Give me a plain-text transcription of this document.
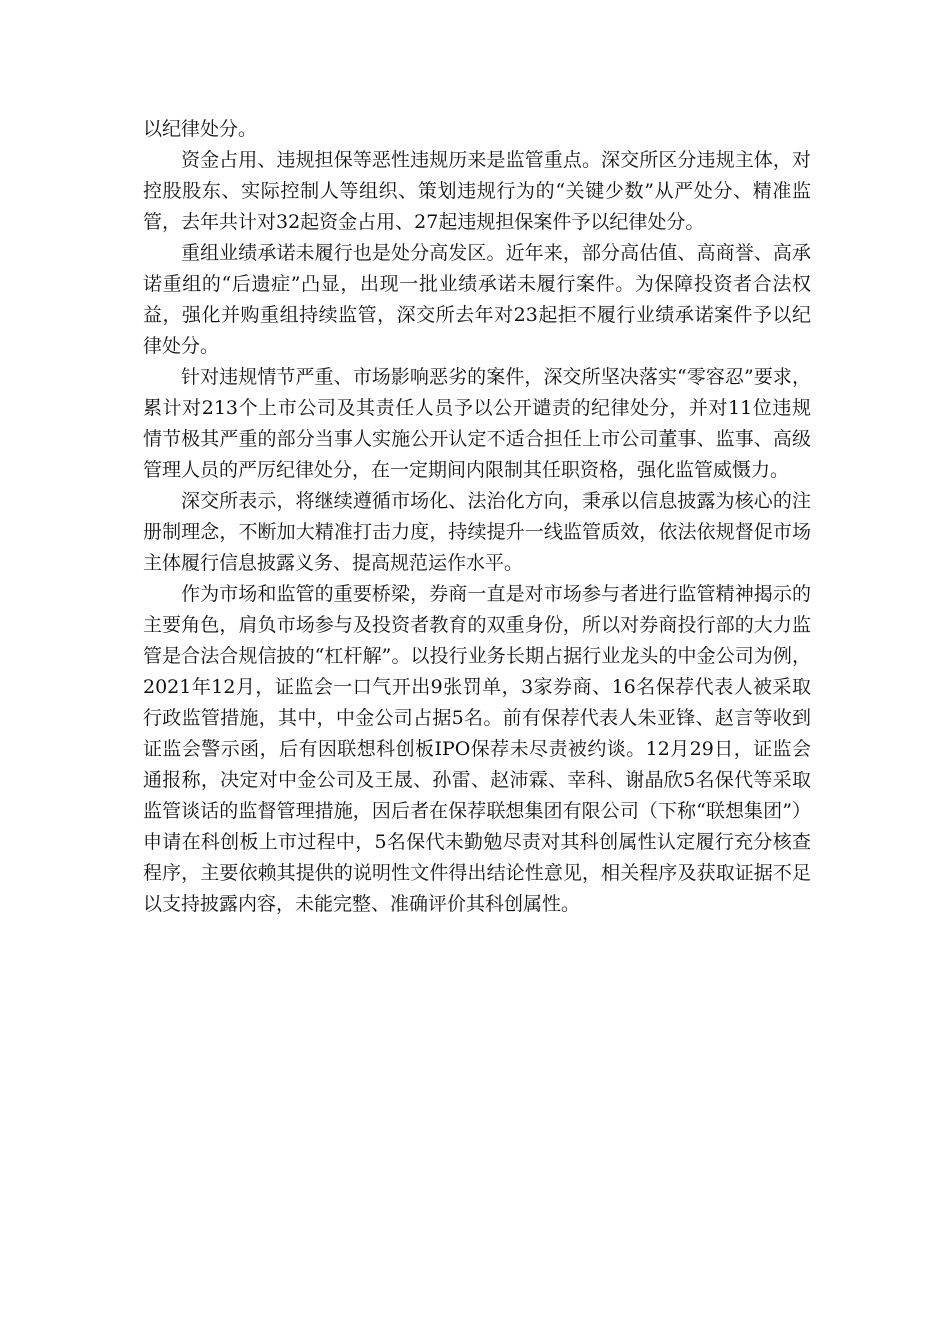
以纪律处分。

资金占用、违规担保等恶性违规历来是监管重点。深交所区分违规主体，对控股股东、实际控制人等组织、策划违规行为的“关键少数”从严处分、精准监管，去年共计对32起资金占用、27起违规担保案件予以纪律处分。

重组业绩承诺未履行也是处分高发区。近年来，部分高估值、高商誉、高承诺重组的“后遗症”凸显，出现一批业绩承诺未履行案件。为保障投资者合法权益，强化并购重组持续监管，深交所去年对23起拒不履行业绩承诺案件予以纪律处分。

针对违规情节严重、市场影响恶劣的案件，深交所坚决落实“零容忍”要求，累计对213个上市公司及其责任人员予以公开谴责的纪律处分，并对11位违规情节极其严重的部分当事人实施公开认定不适合担任上市公司董事、监事、高级管理人员的严厉纪律处分，在一定期间内限制其任职资格，强化监管威慑力。

深交所表示，将继续遵循市场化、法治化方向，秉承以信息披露为核心的注册制理念，不断加大精准打击力度，持续提升一线监管质效，依法依规督促市场主体履行信息披露义务、提高规范运作水平。

作为市场和监管的重要桥梁，券商一直是对市场参与者进行监管精神揭示的主要角色，肩负市场参与及投资者教育的双重身份，所以对券商投行部的大力监管是合法合规信披的“杠杆解”。以投行业务长期占据行业龙头的中金公司为例，2021年12月，证监会一口气开出9张罚单，3家券商、16名保荐代表人被采取行政监管措施，其中，中金公司占据5名。前有保荐代表人朱亚锋、赵言等收到证监会警示函，后有因联想科创板IPO保荐未尽责被约谈。12月29日，证监会通报称，决定对中金公司及王晟、孙雷、赵沛霖、幸科、谢晶欣5名保代等采取监管谈话的监督管理措施，因后者在保荐联想集团有限公司（下称“联想集团”）申请在科创板上市过程中，5名保代未勤勉尽责对其科创属性认定履行充分核查程序，主要依赖其提供的说明性文件得出结论性意见，相关程序及获取证据不足以支持披露内容，未能完整、准确评价其科创属性。
